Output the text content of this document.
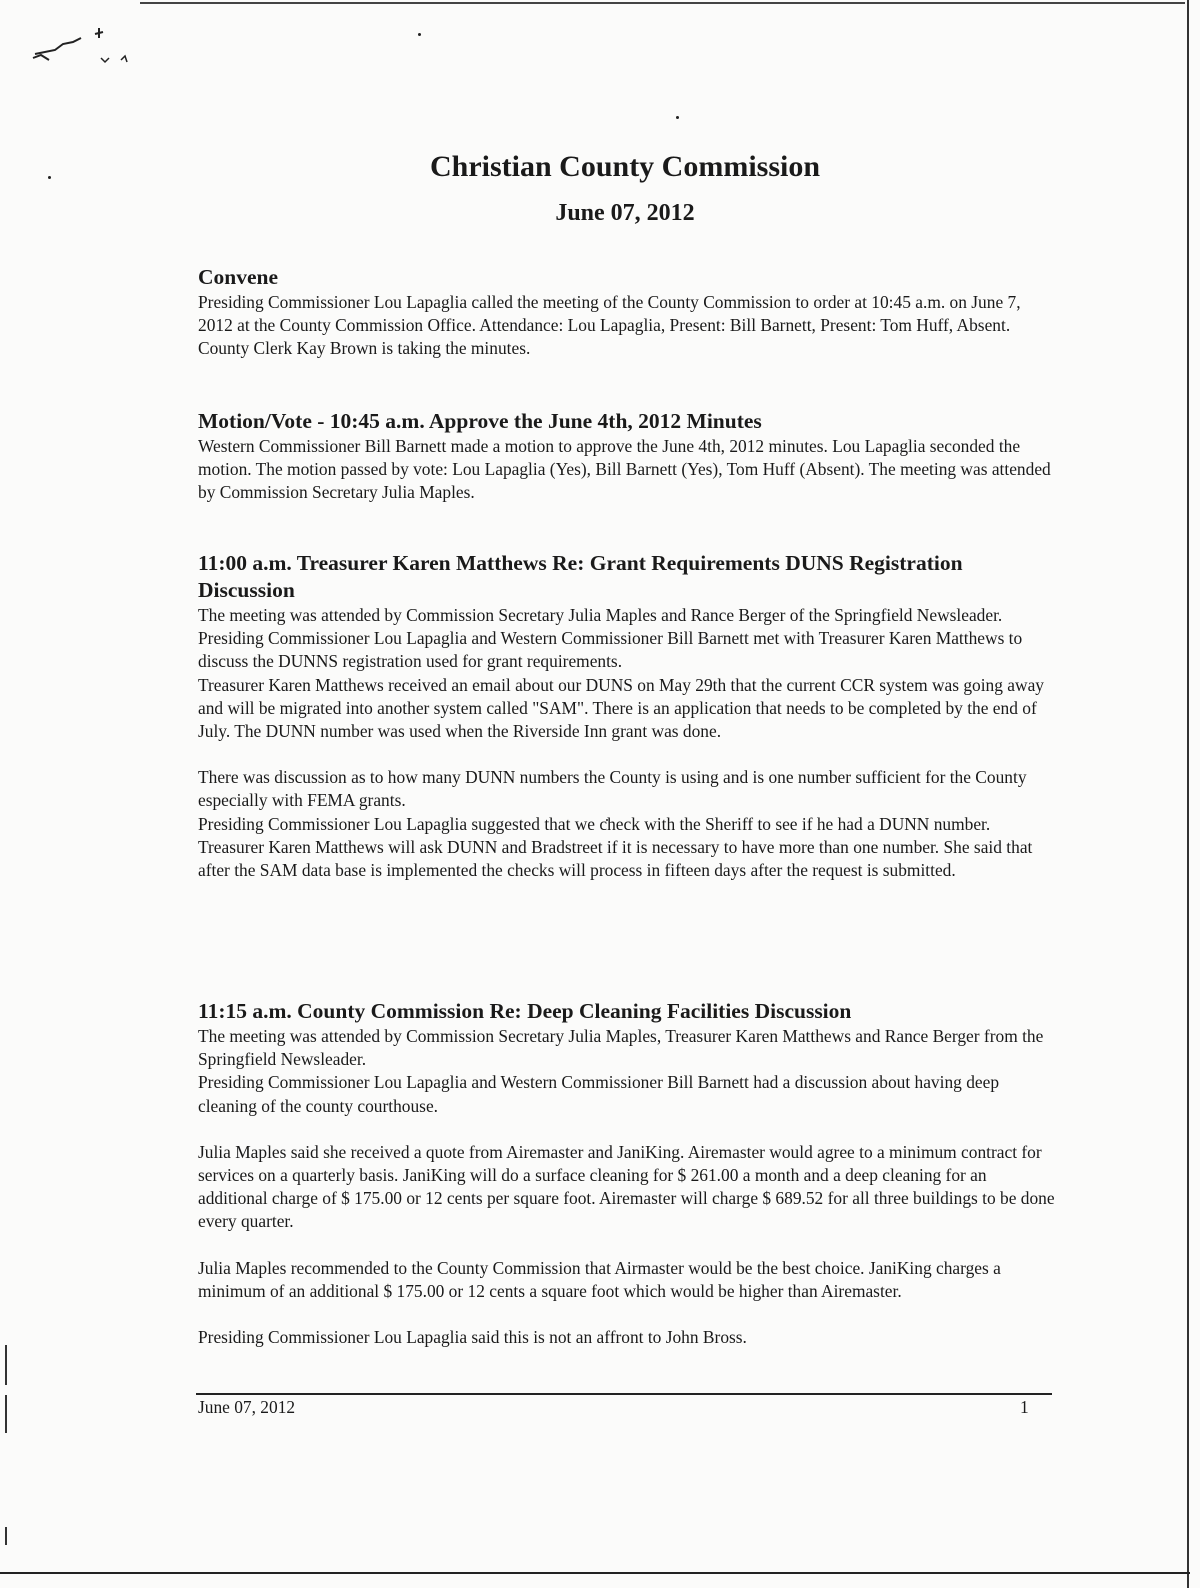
Christian County Commission
June 07, 2012
Convene

Presiding Commissioner Lou Lapaglia called the meeting of the County Commission to order at 10:45 a.m. on June 7, 2012 at the County Commission Office. Attendance: Lou Lapaglia, Present: Bill Barnett, Present: Tom Huff, Absent. County Clerk Kay Brown is taking the minutes.

Motion/Vote - 10:45 a.m. Approve the June 4th, 2012 Minutes

Western Commissioner Bill Barnett made a motion to approve the June 4th, 2012 minutes. Lou Lapaglia seconded the motion. The motion passed by vote: Lou Lapaglia (Yes), Bill Barnett (Yes), Tom Huff (Absent). The meeting was attended by Commission Secretary Julia Maples.

11:00 a.m. Treasurer Karen Matthews Re: Grant Requirements DUNS Registration Discussion

The meeting was attended by Commission Secretary Julia Maples and Rance Berger of the Springfield Newsleader.

Presiding Commissioner Lou Lapaglia and Western Commissioner Bill Barnett met with Treasurer Karen Matthews to discuss the DUNNS registration used for grant requirements.

Treasurer Karen Matthews received an email about our DUNS on May 29th that the current CCR system was going away and will be migrated into another system called "SAM". There is an application that needs to be completed by the end of July. The DUNN number was used when the Riverside Inn grant was done.

There was discussion as to how many DUNN numbers the County is using and is one number sufficient for the County especially with FEMA grants.

Presiding Commissioner Lou Lapaglia suggested that we check with the Sheriff to see if he had a DUNN number.

Treasurer Karen Matthews will ask DUNN and Bradstreet if it is necessary to have more than one number. She said that after the SAM data base is implemented the checks will process in fifteen days after the request is submitted.

11:15 a.m. County Commission Re: Deep Cleaning Facilities Discussion

The meeting was attended by Commission Secretary Julia Maples, Treasurer Karen Matthews and Rance Berger from the Springfield Newsleader.

Presiding Commissioner Lou Lapaglia and Western Commissioner Bill Barnett had a discussion about having deep cleaning of the county courthouse.

Julia Maples said she received a quote from Airemaster and JaniKing. Airemaster would agree to a minimum contract for services on a quarterly basis. JaniKing will do a surface cleaning for $ 261.00 a month and a deep cleaning for an additional charge of $ 175.00 or 12 cents per square foot. Airemaster will charge $ 689.52 for all three buildings to be done every quarter.

Julia Maples recommended to the County Commission that Airmaster would be the best choice. JaniKing charges a minimum of an additional $ 175.00 or 12 cents a square foot which would be higher than Airemaster.

Presiding Commissioner Lou Lapaglia said this is not an affront to John Bross.

June 07, 2012	1
